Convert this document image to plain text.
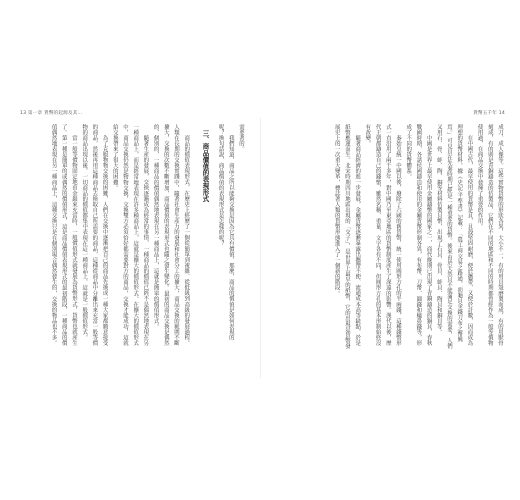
13 第一章 貨幣的起源及其…

需要著的。

我們知道，商品之所以能夠交換是因為它具有價值，那麼，商品的價值是如何表現的呢？換句話說，商品價值的表現形式是怎樣的呢？

三、商品價值的表現形式

商品的價值表現形式，在歷史上經歷了一個從簡單到複雜、從低級到高級的發展過程。人類在長期的交換實踐中，隨著社會生產力的發展和社會分工的擴大，商品交換的範圍不斷擴大，交換的次數不斷增加，商品價值的表現形式也隨之發生變化。最初的商品交換是偶然的、個別的，一種商品的價值偶然地表現在另一種商品上，這就是簡單的價值形式。

隨著生產的發展，交換逐漸成為經常的事情，一種商品的價值已經不是偶然地表現在另一種商品上，而是經常地表現在許多種商品上，這就是擴大的價值形式。在擴大的價值形式中，商品交換仍然是物物交換，交換雙方必須恰好都需要對方的商品，交換才能成功，這就給交換帶來了很大的困難。

為了克服物物交換的困難，人們在交換中逐漸把自己的商品先換成一種大家都願意接受的商品，然後再用這種商品去換取自己所需要的商品，這種從商品中分離出來充當一般等價物的商品出現以後，一切商品的價值都集中表現在這一種商品上，這就是一般價值形式。

當一般等價物固定地由金銀來充當時，一般價值形式就發展為貨幣形式，貨幣也就產生了。第一種是簡單的或偶然的價值形式，這是商品價值表現形式的最初階段，一種商品的價值偶然地表現在另一種商品上，這種交換只是在個別場合偶然發生的，交換的物品也不多。

貨幣五千年 14

成刀、成人像等。這些實物貨幣的形狀各異，大小不一，有的用貝殼磨製而成，有的用獸骨刻成，有的則是青銅鑄造的仿製品，它們在不同的地區和不同的時期都曾經作為一般等價物使用過，在商品交換中發揮了重要的作用。

在中國古代，最早使用的貨幣是貝，貝殼堅固耐磨，便於攜帶，又便於計數，因而成為理想的貨幣材料。據《史記·平準書》記載：「農工商交易之路通，而龜貝金錢刀布之幣興焉。」可見貝在先秦時期已經是一種重要的貨幣。後來由於天然貝不能滿足交換的需要，人們又用石、骨、蚌、陶、銅等材料仿製貝幣，出現了石貝、骨貝、蚌貝、陶貝和銅貝等。

中國是世界上最早使用金屬鑄幣的國家之一，商代晚期已出現了青銅鑄造的銅貝，春秋戰國時期，各諸侯國鑄造和使用的金屬貨幣形制各異，有布幣、刀幣、圜錢和蟻鼻錢等，形成了不同的貨幣體系。

秦始皇統一中國以後，廢除了六國的舊貨幣，統一使用圓形方孔的半兩錢，這種錢幣形式一直沿用了兩千多年，對中國乃至東亞地區的貨幣制度產生了深遠的影響。漢代以後，歷代王朝都鑄造自己的錢幣，雖然名稱、重量、文字各有不同，但圓形方孔的基本形制始終沒有改變。

隨著商品經濟的進一步發展，金屬貨幣逐漸暴露出攜帶不便、流通成本高等缺點，於是紙幣應運而生。北宋時期四川地區出現的「交子」，是世界上最早的紙幣，它的出現是貨幣發展史上的一次重大變革，標誌著人類的貨幣形態進入了一個新的階段。
